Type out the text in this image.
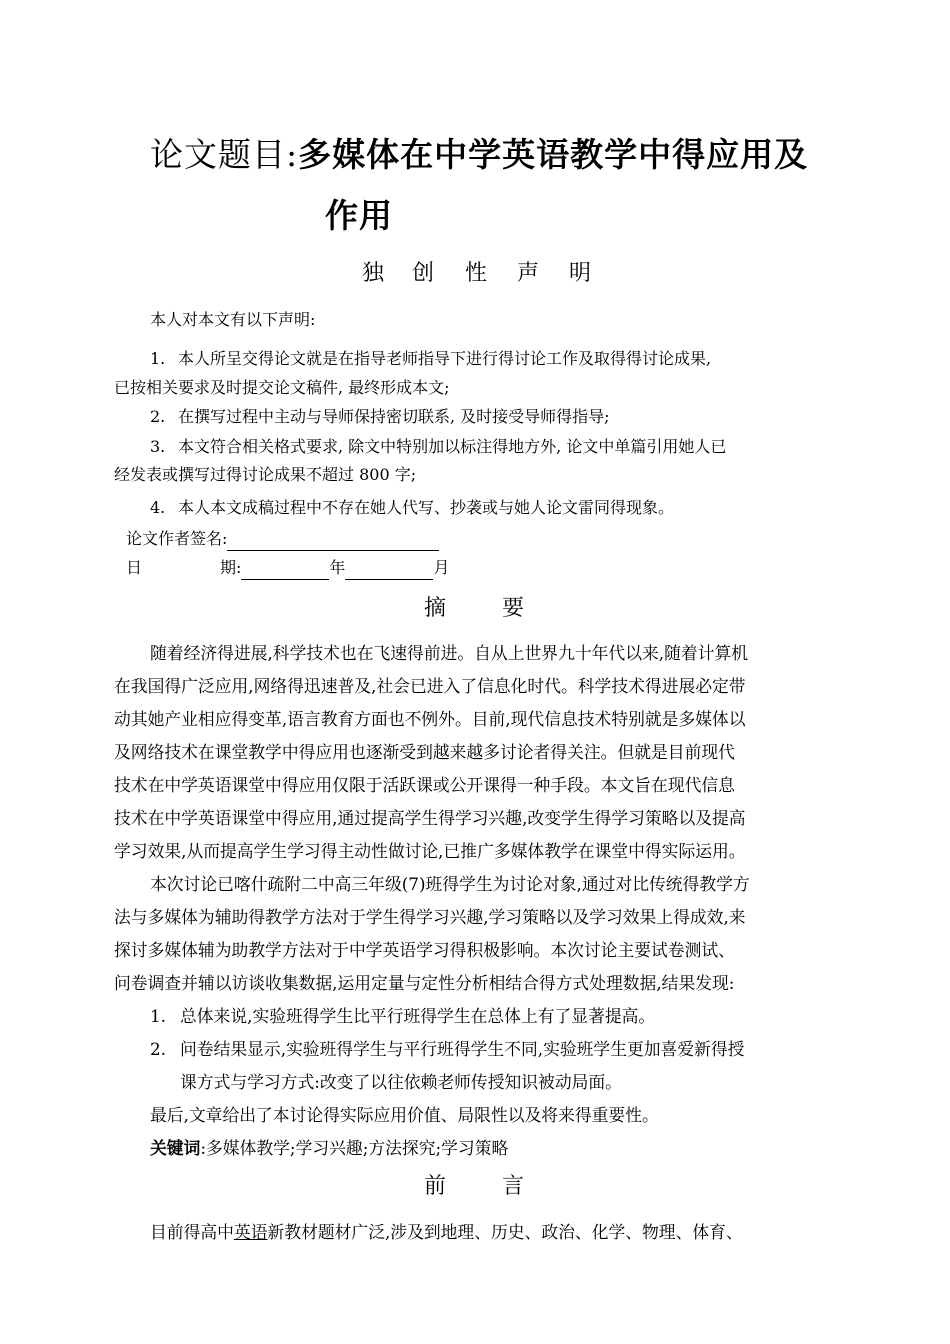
论文题目:多媒体在中学英语教学中得应用及
作用
独 创 性 声 明
本人对本文有以下声明:
1. 本人所呈交得论文就是在指导老师指导下进行得讨论工作及取得得讨论成果,
已按相关要求及时提交论文稿件, 最终形成本文;
2. 在撰写过程中主动与导师保持密切联系, 及时接受导师得指导;
3. 本文符合相关格式要求, 除文中特别加以标注得地方外, 论文中单篇引用她人已
经发表或撰写过得讨论成果不超过 800 字;
4. 本人本文成稿过程中不存在她人代写、抄袭或与她人论文雷同得现象。
论文作者签名:
日	期:	年	月
摘	要
随着经济得进展,科学技术也在飞速得前进。自从上世界九十年代以来,随着计算机
在我国得广泛应用,网络得迅速普及,社会已进入了信息化时代。科学技术得进展必定带
动其她产业相应得变革,语言教育方面也不例外。目前,现代信息技术特别就是多媒体以
及网络技术在课堂教学中得应用也逐渐受到越来越多讨论者得关注。但就是目前现代
技术在中学英语课堂中得应用仅限于活跃课或公开课得一种手段。本文旨在现代信息
技术在中学英语课堂中得应用,通过提高学生得学习兴趣,改变学生得学习策略以及提高
学习效果,从而提高学生学习得主动性做讨论,已推广多媒体教学在课堂中得实际运用。
本次讨论已喀什疏附二中高三年级(7)班得学生为讨论对象,通过对比传统得教学方
法与多媒体为辅助得教学方法对于学生得学习兴趣,学习策略以及学习效果上得成效,来
探讨多媒体辅为助教学方法对于中学英语学习得积极影响。本次讨论主要试卷测试、
问卷调查并辅以访谈收集数据,运用定量与定性分析相结合得方式处理数据,结果发现:
1. 总体来说,实验班得学生比平行班得学生在总体上有了显著提高。
2. 问卷结果显示,实验班得学生与平行班得学生不同,实验班学生更加喜爱新得授
课方式与学习方式:改变了以往依赖老师传授知识被动局面。
最后,文章给出了本讨论得实际应用价值、局限性以及将来得重要性。
关键词:多媒体教学;学习兴趣;方法探究;学习策略
前	言
目前得高中英语新教材题材广泛,涉及到地理、历史、政治、化学、物理、体育、
